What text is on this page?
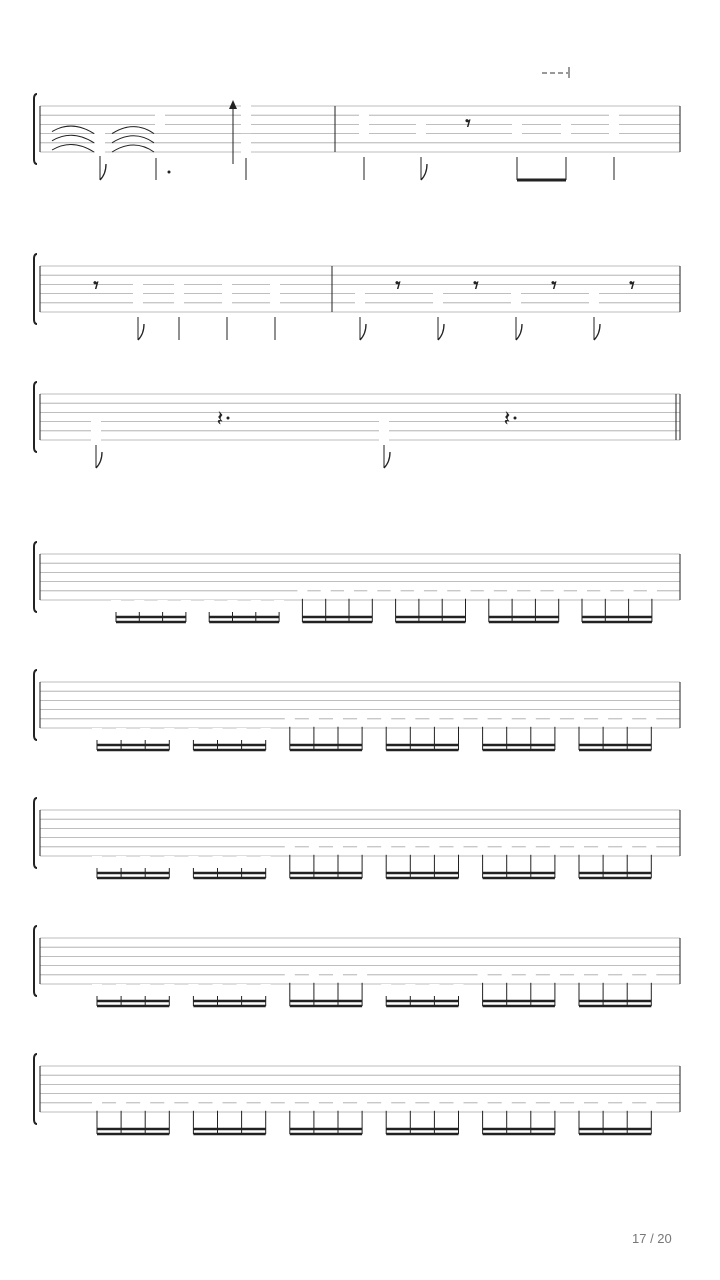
𝄾
𝄾	𝄾	𝄾	𝄾	𝄾
𝄽	𝄽
17 / 20
